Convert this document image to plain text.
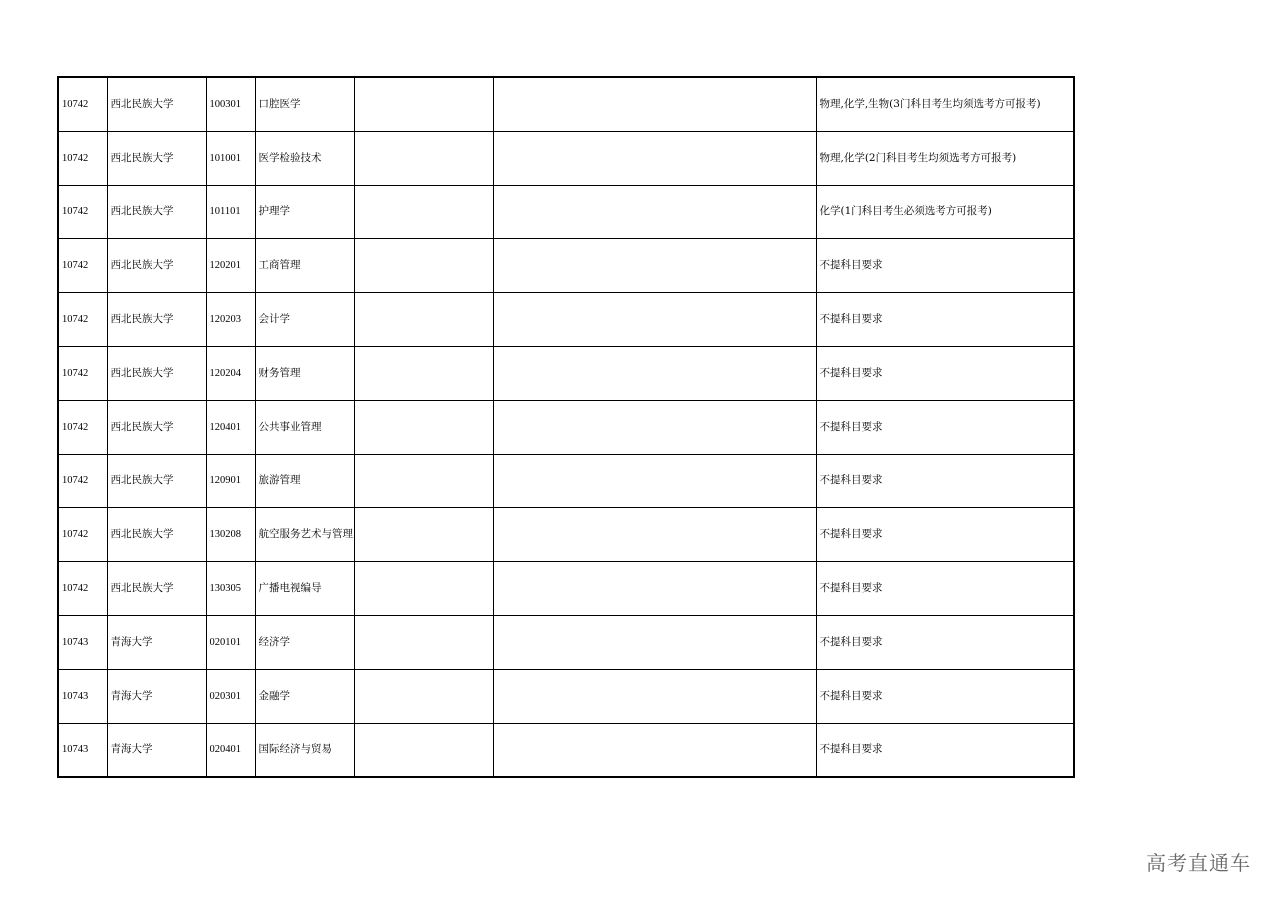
10742	西北民族大学	100301	口腔医学			物理,化学,生物(3门科目考生均须选考方可报考)
10742	西北民族大学	101001	医学检验技术			物理,化学(2门科目考生均须选考方可报考)
10742	西北民族大学	101101	护理学			化学(1门科目考生必须选考方可报考)
10742	西北民族大学	120201	工商管理			不提科目要求
10742	西北民族大学	120203	会计学			不提科目要求
10742	西北民族大学	120204	财务管理			不提科目要求
10742	西北民族大学	120401	公共事业管理			不提科目要求
10742	西北民族大学	120901	旅游管理			不提科目要求
10742	西北民族大学	130208	航空服务艺术与管理			不提科目要求
10742	西北民族大学	130305	广播电视编导			不提科目要求
10743	青海大学	020101	经济学			不提科目要求
10743	青海大学	020301	金融学			不提科目要求
10743	青海大学	020401	国际经济与贸易			不提科目要求
高考直通车
